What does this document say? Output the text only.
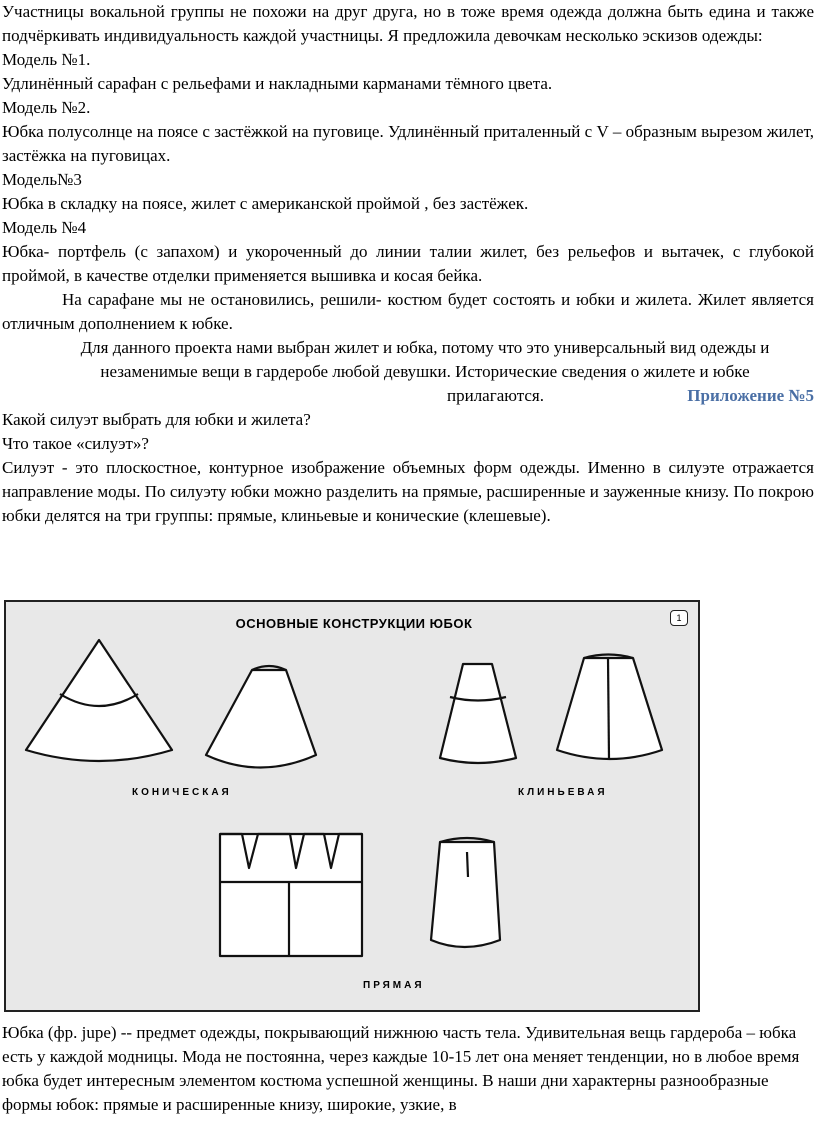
Участницы вокальной группы не похожи на друг друга, но в тоже время одежда должна быть едина и также подчёркивать индивидуальность каждой участницы. Я предложила девочкам несколько эскизов одежды:

Модель №1.

Удлинённый сарафан с рельефами и накладными карманами тёмного цвета.

Модель №2.

Юбка полусолнце на поясе с застёжкой на пуговице. Удлинённый приталенный с V – образным вырезом жилет, застёжка на пуговицах.

Модель№3

Юбка в складку на поясе, жилет с американской проймой , без застёжек.

Модель №4

Юбка- портфель (с запахом) и укороченный до линии талии жилет, без рельефов и вытачек, с глубокой проймой, в качестве отделки применяется вышивка и косая бейка.

На сарафане мы не остановились, решили- костюм будет состоять и юбки и жилета. Жилет является отличным дополнением к юбке.

Для данного проекта нами выбран жилет и юбка, потому что это универсальный вид одежды и незаменимые вещи в гардеробе любой девушки. Исторические сведения о жилете и юбке

прилагаются.	Приложение №5

Какой силуэт выбрать для юбки и жилета?

Что такое «силуэт»?

Силуэт - это плоскостное, контурное изображение объемных форм одежды. Именно в силуэте отражается направление моды. По силуэту юбки можно разделить на прямые, расширенные и зауженные книзу. По покрою юбки делятся на три группы: прямые, клиньевые и конические (клешевые).

ОСНОВНЫЕ КОНСТРУКЦИИ ЮБОК	1
КОНИЧЕСКАЯ	КЛИНЬЕВАЯ
ПРЯМАЯ

Юбка (фр. jupe) -- предмет одежды, покрывающий нижнюю часть тела. Удивительная вещь гардероба – юбка есть у каждой модницы. Мода не постоянна, через каждые 10-15 лет она меняет тенденции, но в любое время юбка будет интересным элементом костюма успешной женщины. В наши дни характерны разнообразные формы юбок: прямые и расширенные книзу, широкие, узкие, в
